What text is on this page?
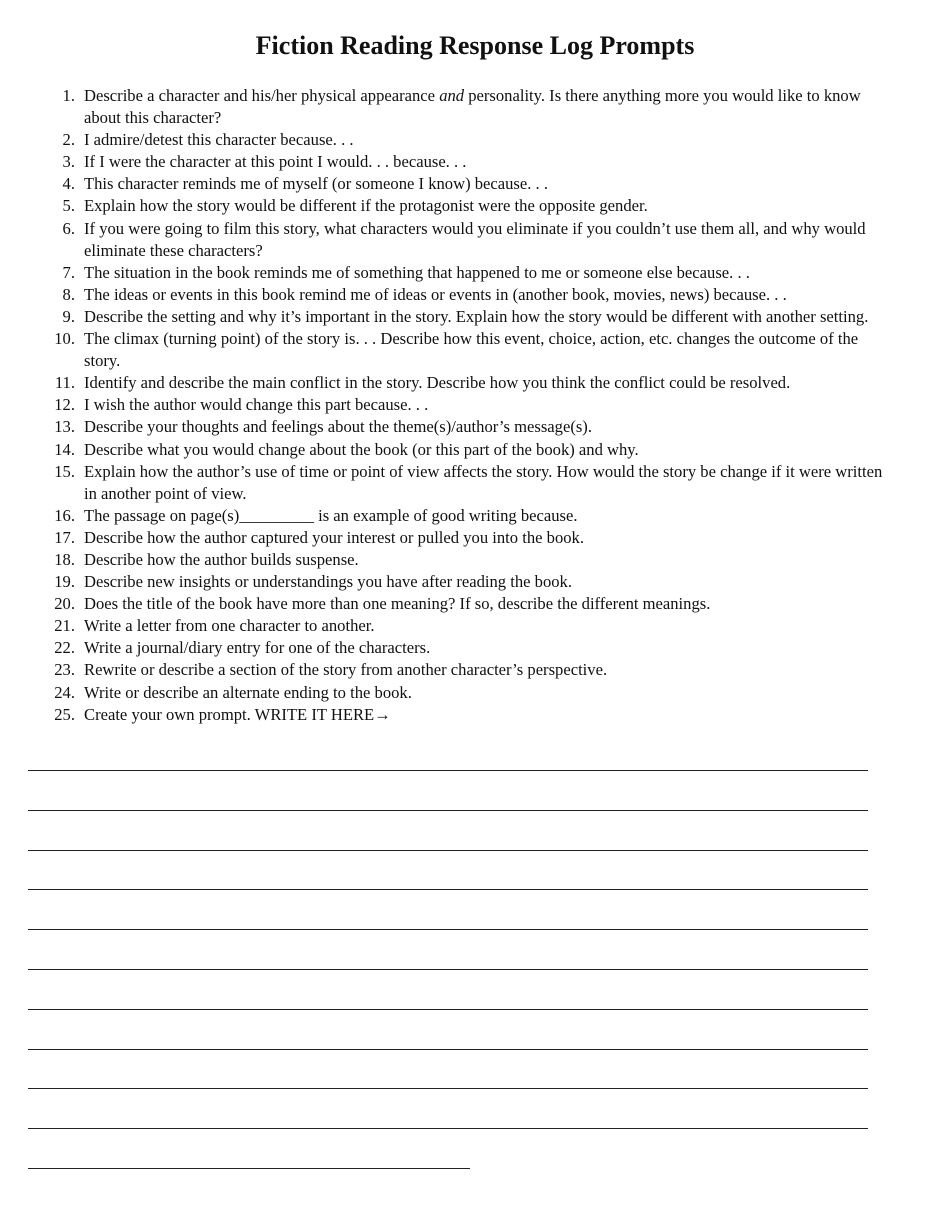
Fiction Reading Response Log Prompts
1. Describe a character and his/her physical appearance and personality. Is there anything more you would like to know
about this character?
2. I admire/detest this character because. . .
3. If I were the character at this point I would. . . because. . .
4. This character reminds me of myself (or someone I know) because. . .
5. Explain how the story would be different if the protagonist were the opposite gender.
6. If you were going to film this story, what characters would you eliminate if you couldn’t use them all, and why would
eliminate these characters?
7. The situation in the book reminds me of something that happened to me or someone else because. . .
8. The ideas or events in this book remind me of ideas or events in (another book, movies, news) because. . .
9. Describe the setting and why it’s important in the story. Explain how the story would be different with another setting.
10. The climax (turning point) of the story is. . . Describe how this event, choice, action, etc. changes the outcome of the
story.
11. Identify and describe the main conflict in the story. Describe how you think the conflict could be resolved.
12. I wish the author would change this part because. . .
13. Describe your thoughts and feelings about the theme(s)/author’s message(s).
14. Describe what you would change about the book (or this part of the book) and why.
15. Explain how the author’s use of time or point of view affects the story. How would the story be change if it were written
in another point of view.
16. The passage on page(s)_________ is an example of good writing because.
17. Describe how the author captured your interest or pulled you into the book.
18. Describe how the author builds suspense.
19. Describe new insights or understandings you have after reading the book.
20. Does the title of the book have more than one meaning? If so, describe the different meanings.
21. Write a letter from one character to another.
22. Write a journal/diary entry for one of the characters.
23. Rewrite or describe a section of the story from another character’s perspective.
24. Write or describe an alternate ending to the book.
25. Create your own prompt. WRITE IT HERE→
